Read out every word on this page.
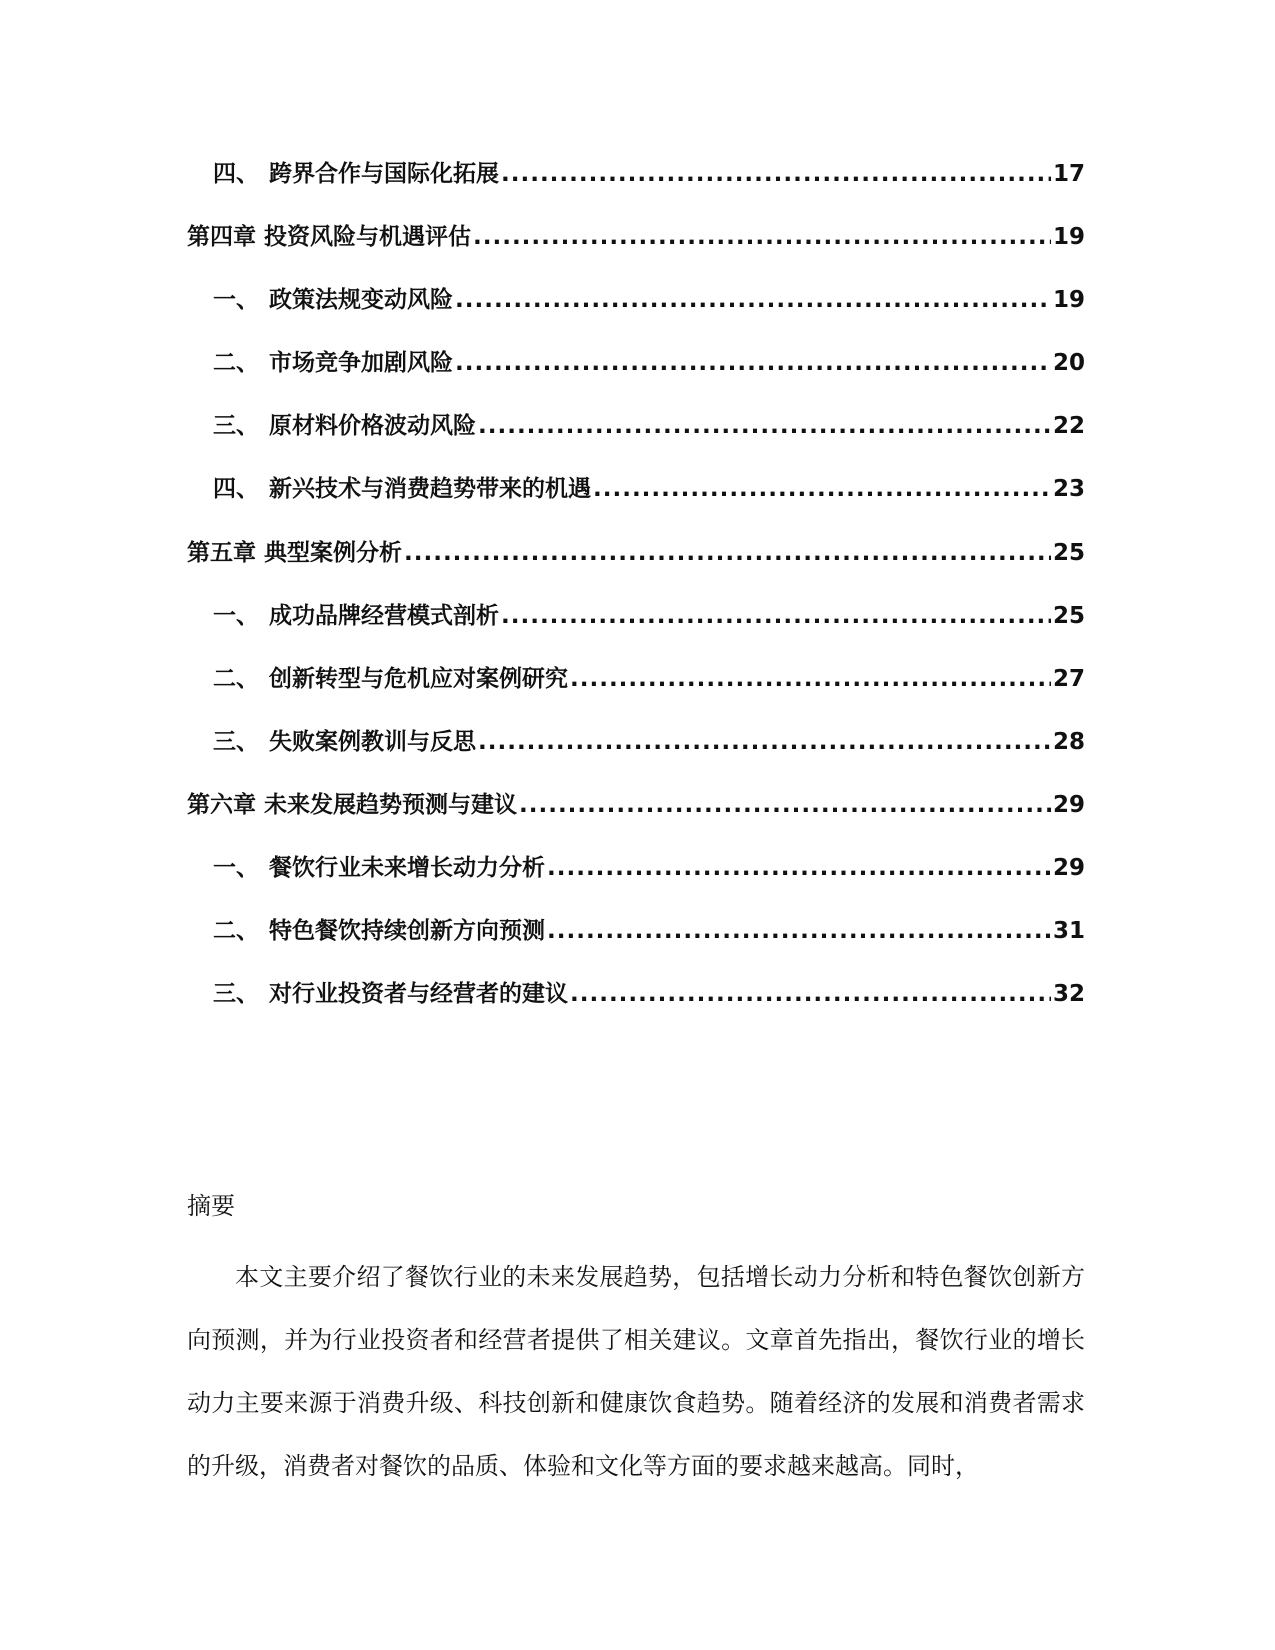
四、 跨界合作与国际化拓展 .....	17
第四章 投资风险与机遇评估 .....	19
一、 政策法规变动风险 .....	19
二、 市场竞争加剧风险 .....	20
三、 原材料价格波动风险 .....	22
四、 新兴技术与消费趋势带来的机遇 .....	23
第五章 典型案例分析 .....	25
一、 成功品牌经营模式剖析 .....	25
二、 创新转型与危机应对案例研究 .....	27
三、 失败案例教训与反思 .....	28
第六章 未来发展趋势预测与建议 .....	29
一、 餐饮行业未来增长动力分析 .....	29
二、 特色餐饮持续创新方向预测 .....	31
三、 对行业投资者与经营者的建议 .....	32
摘要

本文主要介绍了餐饮行业的未来发展趋势，包括增长动力分析和特色餐饮创新方向预测，并为行业投资者和经营者提供了相关建议。文章首先指出，餐饮行业的增长动力主要来源于消费升级、科技创新和健康饮食趋势。随着经济的发展和消费者需求的升级，消费者对餐饮的品质、体验和文化等方面的要求越来越高。同时，
